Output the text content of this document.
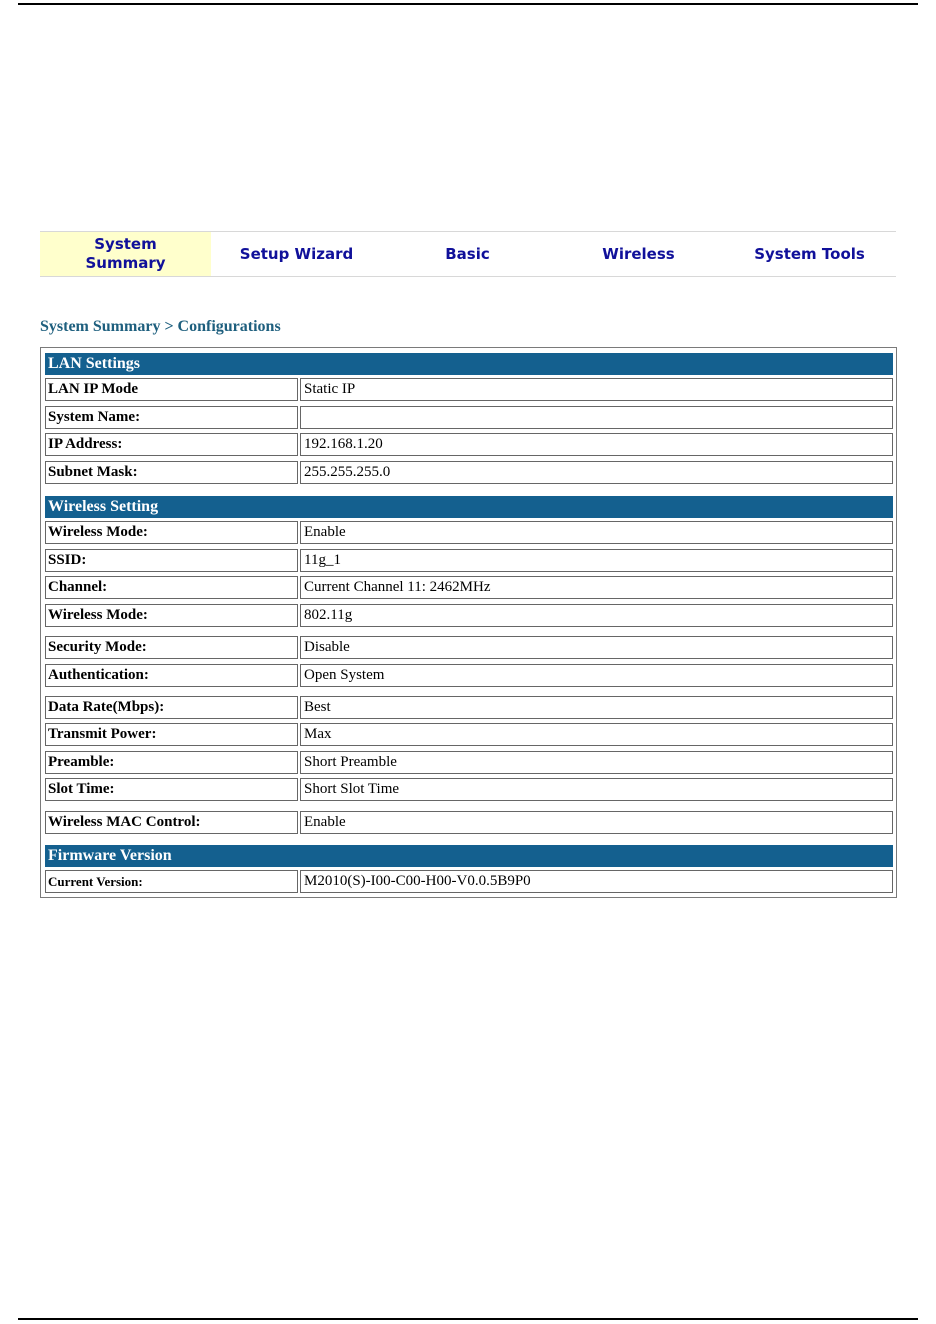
System
Summary
Setup Wizard	Basic	Wireless	System Tools
System Summary > Configurations
LAN Settings
LAN IP Mode	Static IP
System Name:
IP Address:	192.168.1.20
Subnet Mask:	255.255.255.0
Wireless Setting
Wireless Mode:	Enable
SSID:	11g_1
Channel:	Current Channel 11: 2462MHz
Wireless Mode:	802.11g
Security Mode:	Disable
Authentication:	Open System
Data Rate(Mbps):	Best
Transmit Power:	Max
Preamble:	Short Preamble
Slot Time:	Short Slot Time
Wireless MAC Control:	Enable
Firmware Version
Current Version:	M2010(S)-I00-C00-H00-V0.0.5B9P0
